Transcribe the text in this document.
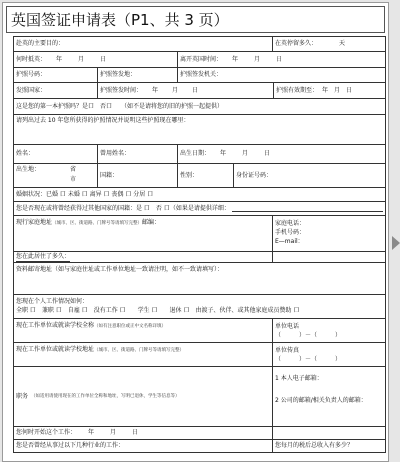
英国签证申请表（P1、共 3 页）
赴英的主要目的：	在英停留多久：	天
何时抵英： 年	月	日	离开英国时间： 年	月	日
护照号码：	护照签发地：	护照签发机关：
发照国家：	护照签发时间： 年 月 日	护照有效期至： 年 月 日
这是您的第一本护照吗？是口　否口　　（如不是请将您的旧的护照一起提供）
请列出过去 10 年您所获得的护照情况并说明这些护照现在哪里：
姓名：	曾用姓名：	出生日期： 年	月	日
出生地：	省
市
国籍：	性别：	身份证号码：
婚姻状况：已婚 口 未婚 口 离异 口 丧偶 口 分居 口
您是否现在或将曾经获得过其他国家的国籍：是 口　否 口（如果是请提供详细：
现行家庭地址（城市、区、街道路、门牌号等请填写完整）邮编：	家庭电话：
手机号码：
E—mail：
您在此居住了多久：
资料邮寄地址（如与家庭住址或工作单位地址一致请注明，如不一致请填写）：
您现在个人工作情况如何：
全职 口　兼职 口　自雇 口　没有工作 口　　学生 口　　退休 口　由渡子、伙伴、或其他家庭成员赞助 口
现在工作单位或就读学校全称（如有注意职位或正中文名称详填）	单位电话
（　　　）－（　　　）
现在工作单位或就读学校地址（城市、区、街道路、门牌号等请填写完整）	单位传真
（　　　）－（　　　）
职务 （如适用请使用现在的工作单位全称和地址，写明已退休，学生等信息等）
1 本人电子邮箱：
2 公司的邮箱/相关负责人的邮箱：
您何时开始这个工作： 年	月	日
您是否曾经从事过以下几种行业的工作：	您每月的税后总收入有多少？
